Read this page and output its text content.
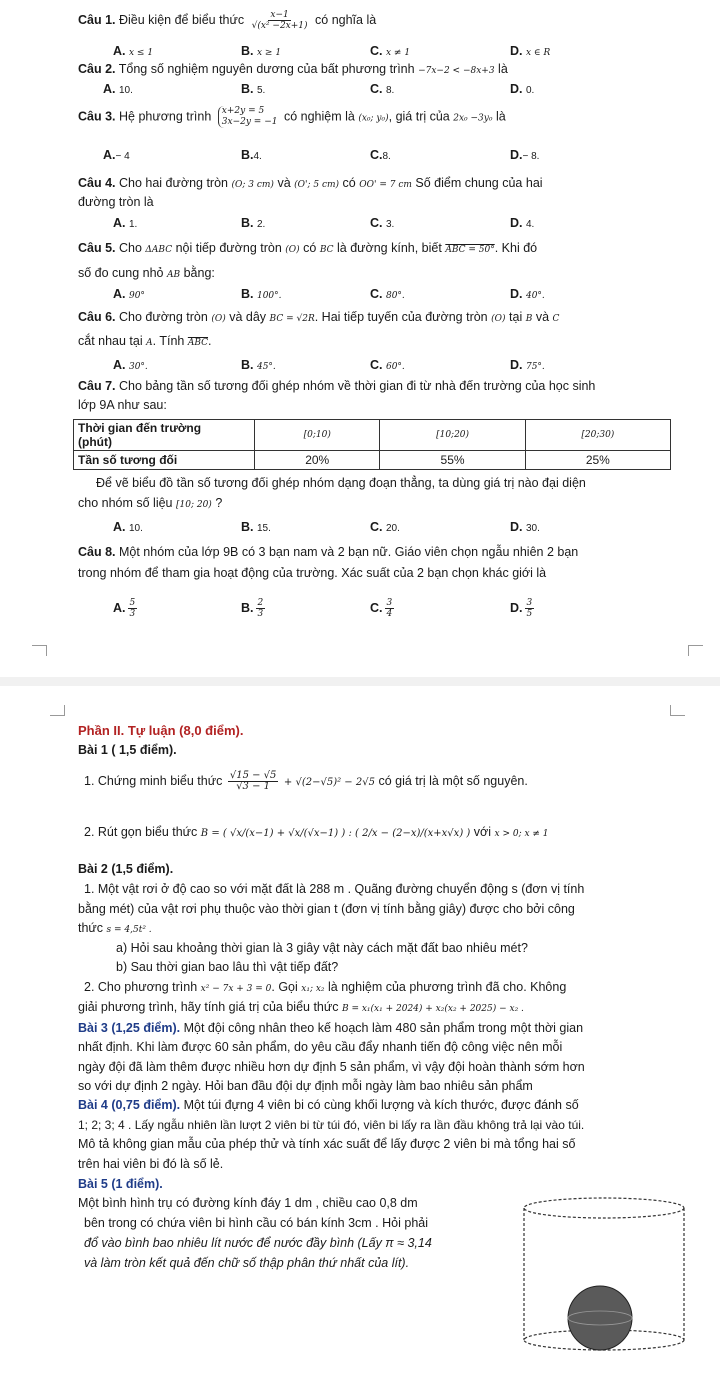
Câu 1. Điều kiện để biểu thức $\frac{x-1}{\text{√(x² −2x+1)}}$ có nghĩa là
A. x ≤ 1	B. x ≥ 1	C. x ≠ 1	D. x ∈ R
Câu 2. Tổng số nghiệm nguyên dương của bất phương trình −7x−2 < −8x+3 là
A. 10.	B. 5.	C. 8.	D. 0.
Câu 3. Hệ phương trình x+2y = 5
3x−2y = −1 có nghiệm là (x₀; y₀), giá trị của 2x₀ −3y₀ là
A.− 4	B.4.	C.8.	D.− 8.
Câu 4. Cho hai đường tròn (O; 3 cm) và (O'; 5 cm) có OO' = 7 cm Số điểm chung của hai
đường tròn là
A. 1.	B. 2.	C. 3.	D. 4.
Câu 5. Cho ΔABC nội tiếp đường tròn (O) có BC là đường kính, biết ABC = 50°. Khi đó
số đo cung nhỏ AB bằng:
A. 90°	B. 100°.	C. 80°.	D. 40°.
Câu 6. Cho đường tròn (O) và dây BC = √2R. Hai tiếp tuyến của đường tròn (O) tại B và C
cắt nhau tại A. Tính $\overline{ABC}$.
A. 30°.	B. 45°.	C. 60°.	D. 75°.
Câu 7. Cho bảng tần số tương đối ghép nhóm về thời gian đi từ nhà đến trường của học sinh
lớp 9A như sau:
Thời gian đến trường
(phút)	[0;10)	[10;20)	[20;30)
Tần số tương đối	20%	55%	25%
Để vẽ biểu đồ tần số tương đối ghép nhóm dạng đoạn thẳng, ta dùng giá trị nào đại diện
cho nhóm số liệu [10; 20) ?
A. 10.	B. 15.	C. 20.	D. 30.
Câu 8. Một nhóm của lớp 9B có 3 bạn nam và 2 bạn nữ. Giáo viên chọn ngẫu nhiên 2 bạn
trong nhóm để tham gia hoạt động của trường. Xác suất của 2 bạn chọn khác giới là
A. $\frac{5}{3}$	B. $\frac{2}{3}$	C. $\frac{3}{4}$	D. $\frac{3}{5}$
Phần II. Tự luận (8,0 điểm).
Bài 1 ( 1,5 điểm).
1. Chứng minh biểu thức $\frac{√15 - √5}{√3 - 1} + √(2-√5)^2 - 2√5$ có giá trị là một số nguyên.
2. Rút gọn biểu thức B = ( √x/(x−1) + √x/(√x−1) ) : ( 2/x − (2−x)/(x+x√x) ) với x > 0; x ≠ 1
Bài 2 (1,5 điểm).
1. Một vật rơi ở độ cao so với mặt đất là 288 m . Quãng đường chuyển động s (đơn vị tính
bằng mét) của vật rơi phụ thuộc vào thời gian t (đơn vị tính bằng giây) được cho bởi công
thức s = 4,5t² .
a) Hỏi sau khoảng thời gian là 3 giây vật này cách mặt đất bao nhiêu mét?
b) Sau thời gian bao lâu thì vật tiếp đất?
2. Cho phương trình x² − 7x + 3 = 0. Gọi x₁; x₂ là nghiệm của phương trình đã cho. Không
giải phương trình, hãy tính giá trị của biểu thức B = x₁(x₁ + 2024) + x₂(x₂ + 2025) − x₂ .
Bài 3 (1,25 điểm). Một đội công nhân theo kế hoạch làm 480 sản phẩm trong một thời gian
nhất định. Khi làm được 60 sản phẩm, do yêu cầu đẩy nhanh tiến độ công việc nên mỗi
ngày đội đã làm thêm được nhiều hơn dự định 5 sản phẩm, vì vậy đội hoàn thành sớm hơn
so với dự định 2 ngày. Hỏi ban đầu đội dự định mỗi ngày làm bao nhiêu sản phẩm
Bài 4 (0,75 điểm). Một túi đựng 4 viên bi có cùng khối lượng và kích thước, được đánh số
1; 2; 3; 4 . Lấy ngẫu nhiên lần lượt 2 viên bi từ túi đó, viên bi lấy ra lần đầu không trả lại vào túi.
Mô tả không gian mẫu của phép thử và tính xác suất để lấy được 2 viên bi mà tổng hai số
trên hai viên bi đó là số lẻ.
Bài 5 (1 điểm).
Một bình hình trụ có đường kính đáy 1 dm , chiều cao 0,8 dm
bên trong có chứa viên bi hình cầu có bán kính 3cm . Hỏi phải
đổ vào bình bao nhiêu lít nước để nước đầy bình (Lấy π ≈ 3,14
và làm tròn kết quả đến chữ số thập phân thứ nhất của lít).
